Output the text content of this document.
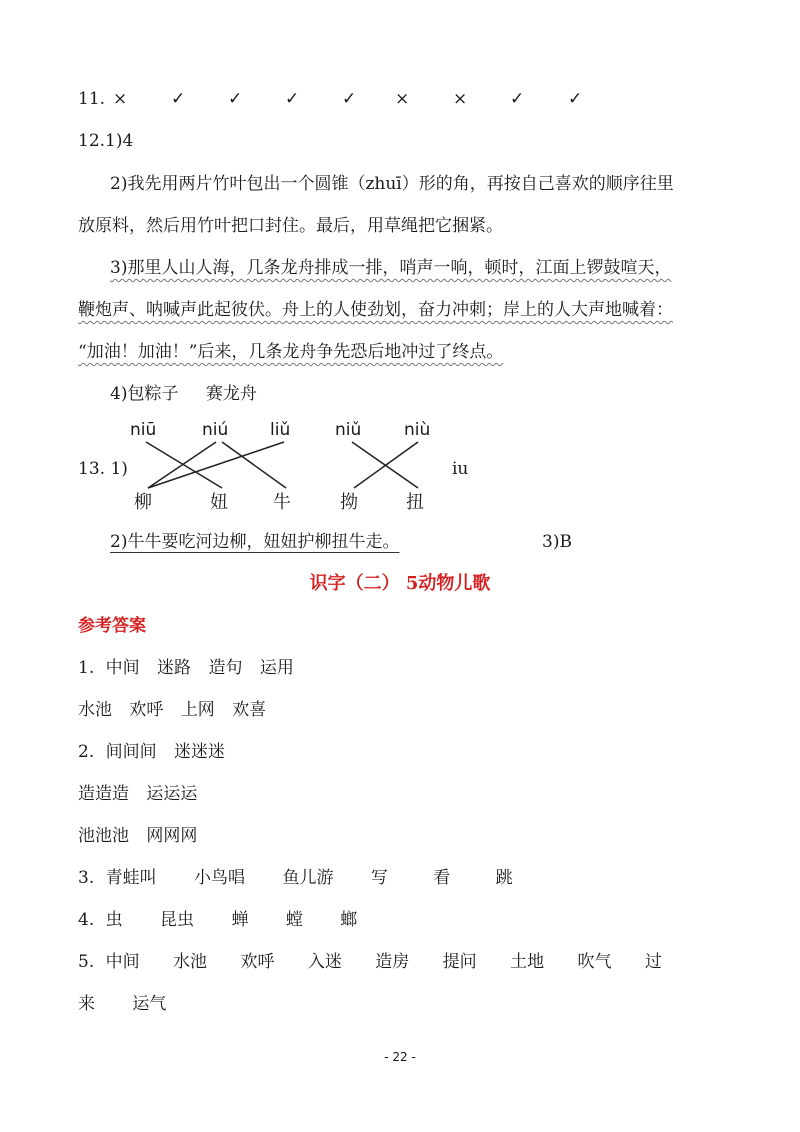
11. ×	✓	✓	✓	✓ ×	×	✓	✓
12.1)4
2)我先用两片竹叶包出一个圆锥（zhuī）形的角，再按自己喜欢的顺序往里
放原料，然后用竹叶把口封住。最后，用草绳把它捆紧。
3)那里人山人海，几条龙舟排成一排，哨声一响，顿时，江面上锣鼓喧天，
鞭炮声、呐喊声此起彼伏。舟上的人使劲划，奋力冲刺；岸上的人大声地喊着：
“加油！加油！”后来，几条龙舟争先恐后地冲过了终点。
4)包粽子 赛龙舟
13. 1)
niū	niú liǔ	niǔ	niù
柳	妞	牛	拗	扭
iu
2)牛牛要吃河边柳，妞妞护柳扭牛走。	3)B
识字（二） 5动物儿歌
参考答案
1. 中间 迷路 造句 运用
水池 欢呼 上网 欢喜
2. 间间间 迷迷迷
造造造 运运运
池池池 网网网
3. 青蛙叫 小鸟唱 鱼儿游 写	看	跳
4. 虫 昆虫 蝉 螳 螂
5. 中间 水池 欢呼 入迷 造房 提问 土地 吹气 过
来 运气
- 22 -
